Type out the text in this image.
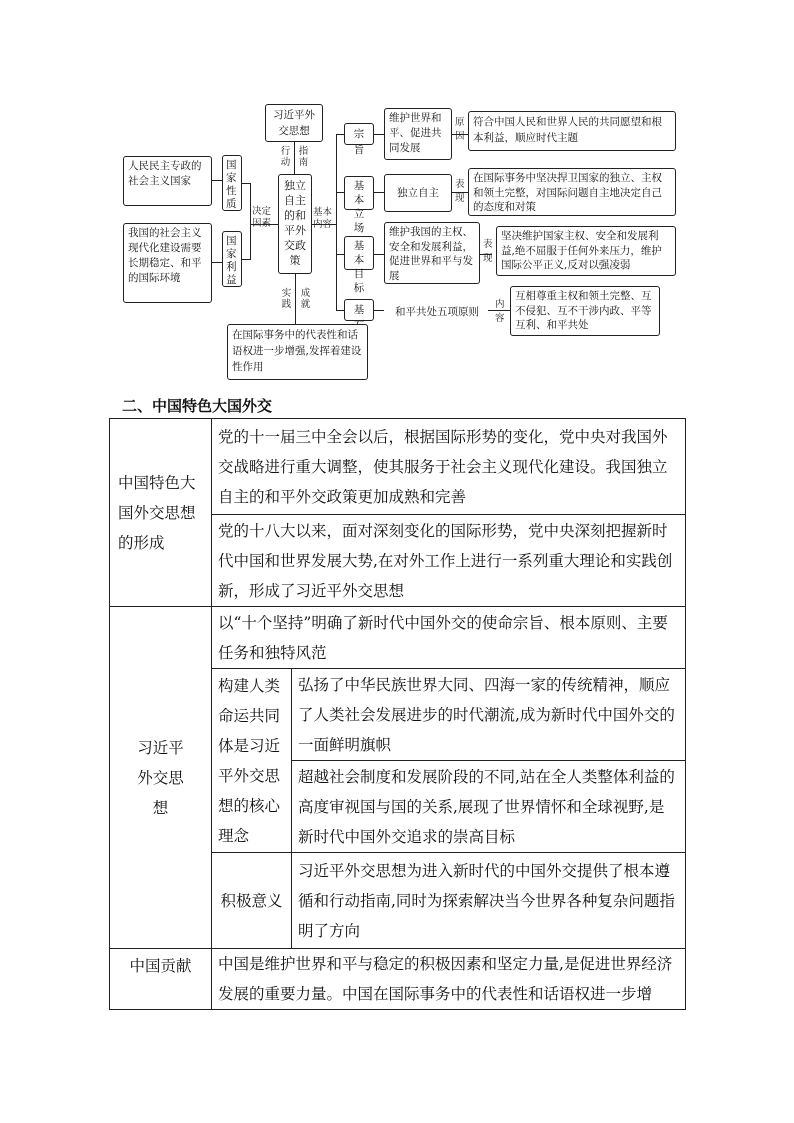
习近平外交思想
行动
指南
独立自主的和平外交政策
人民民主专政的社会主义国家
我国的社会主义现代化建设需要长期稳定、和平的国际环境
国家性质
国家利益
决定因素
基本内容
宗旨
维护世界和平、促进共同发展
原因
符合中国人民和世界人民的共同愿望和根本利益，顺应时代主题
基本立场
独立自主
表现
在国际事务中坚决捍卫国家的独立、主权和领土完整，对国际问题自主地决定自己的态度和对策
基本目标
维护我国的主权、安全和发展利益，促进世界和平与发展
表现
坚决维护国家主权、安全和发展利益,绝不屈服于任何外来压力，维护国际公平正义,反对以强凌弱
基	和平共处五项原则
内容
互相尊重主权和领土完整、互不侵犯、互不干涉内政、平等互利、和平共处
实践
成就
在国际事务中的代表性和话语权进一步增强,发挥着建设性作用
二、中国特色大国外交
中国特色大国外交思想的形成	党的十一届三中全会以后，根据国际形势的变化，党中央对我国外交战略进行重大调整，使其服务于社会主义现代化建设。我国独立自主的和平外交政策更加成熟和完善	
	党的十八大以来，面对深刻变化的国际形势，党中央深刻把握新时代中国和世界发展大势,在对外工作上进行一系列重大理论和实践创新，形成了习近平外交思想	

习近平外交思想	以“十个坚持”明确了新时代中国外交的使命宗旨、根本原则、主要任务和独特风范	
	构建人类命运共同体是习近平外交思想的核心理念	弘扬了中华民族世界大同、四海一家的传统精神，顺应了人类社会发展进步的时代潮流,成为新时代中国外交的一面鲜明旗帜
		超越社会制度和发展阶段的不同,站在全人类整体利益的高度审视国与国的关系,展现了世界情怀和全球视野,是新时代中国外交追求的崇高目标
	积极意义	习近平外交思想为进入新时代的中国外交提供了根本遵循和行动指南,同时为探索解决当今世界各种复杂问题指明了方向
中国贡献	中国是维护世界和平与稳定的积极因素和坚定力量,是促进世界经济发展的重要力量。中国在国际事务中的代表性和话语权进一步增	
